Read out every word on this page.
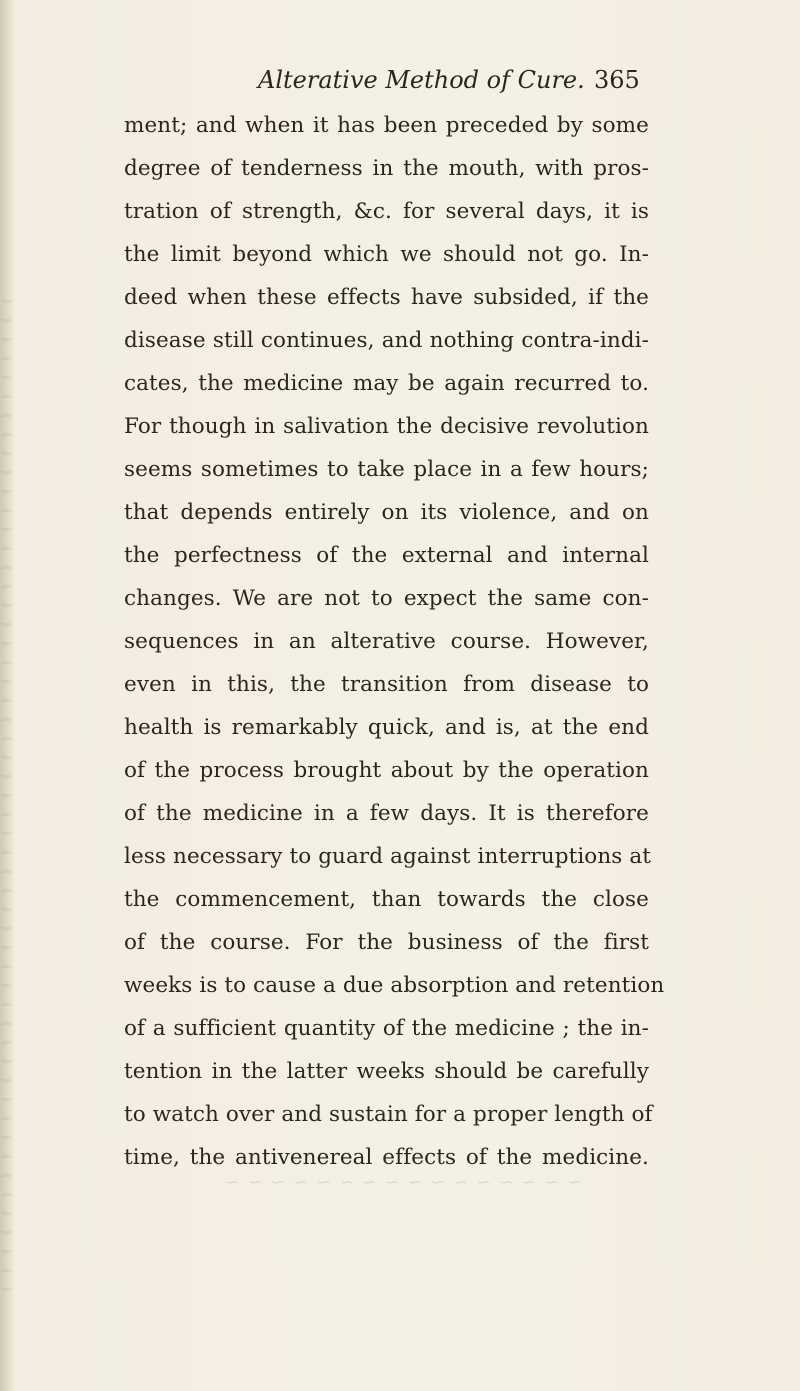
Alterative Method of Cure. 365
ment; and when it has been preceded by some
degree of tenderness in the mouth, with pros-
tration of strength, &c. for several days, it is
the limit beyond which we should not go. In-
deed when these effects have subsided, if the
disease still continues, and nothing contra-indi-
cates, the medicine may be again recurred to.
For though in salivation the decisive revolution
seems sometimes to take place in a few hours;
that depends entirely on its violence, and on
the perfectness of the external and internal
changes. We are not to expect the same con-
sequences in an alterative course. However,
even in this, the transition from disease to
health is remarkably quick, and is, at the end
of the process brought about by the operation
of the medicine in a few days. It is therefore
less necessary to guard against interruptions at
the commencement, than towards the close
of the course. For the business of the first
weeks is to cause a due absorption and retention
of a sufficient quantity of the medicine ; the in-
tention in the latter weeks should be carefully
to watch over and sustain for a proper length of
time, the antivenereal effects of the medicine.
~ ~ ~ ~ ~ ~ ~ ~ ~ ~ ~ ~ ~ ~ ~ ~
